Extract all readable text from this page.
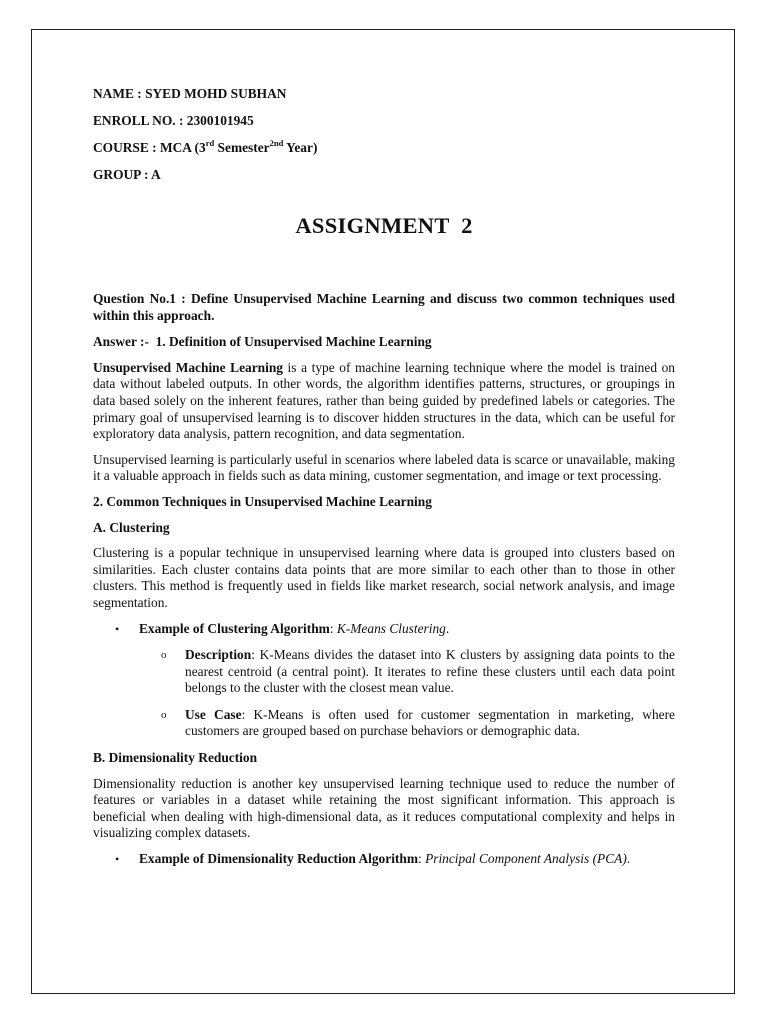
NAME : SYED MOHD SUBHAN
ENROLL NO. : 2300101945
COURSE : MCA (3rd Semester$^{2nd}$ Year)
GROUP : A
ASSIGNMENT  2
Question No.1 : Define Unsupervised Machine Learning and discuss two common techniques used within this approach.
Answer :-  1. Definition of Unsupervised Machine Learning

Unsupervised Machine Learning is a type of machine learning technique where the model is trained on data without labeled outputs. In other words, the algorithm identifies patterns, structures, or groupings in data based solely on the inherent features, rather than being guided by predefined labels or categories. The primary goal of unsupervised learning is to discover hidden structures in the data, which can be useful for exploratory data analysis, pattern recognition, and data segmentation.

Unsupervised learning is particularly useful in scenarios where labeled data is scarce or unavailable, making it a valuable approach in fields such as data mining, customer segmentation, and image or text processing.

2. Common Techniques in Unsupervised Machine Learning
A. Clustering

Clustering is a popular technique in unsupervised learning where data is grouped into clusters based on similarities. Each cluster contains data points that are more similar to each other than to those in other clusters. This method is frequently used in fields like market research, social network analysis, and image segmentation.

• Example of Clustering Algorithm: K-Means Clustering.
o Description: K-Means divides the dataset into K clusters by assigning data points to the nearest centroid (a central point). It iterates to refine these clusters until each data point belongs to the cluster with the closest mean value.
o Use Case: K-Means is often used for customer segmentation in marketing, where customers are grouped based on purchase behaviors or demographic data.
B. Dimensionality Reduction

Dimensionality reduction is another key unsupervised learning technique used to reduce the number of features or variables in a dataset while retaining the most significant information. This approach is beneficial when dealing with high-dimensional data, as it reduces computational complexity and helps in visualizing complex datasets.

• Example of Dimensionality Reduction Algorithm: Principal Component Analysis (PCA).
